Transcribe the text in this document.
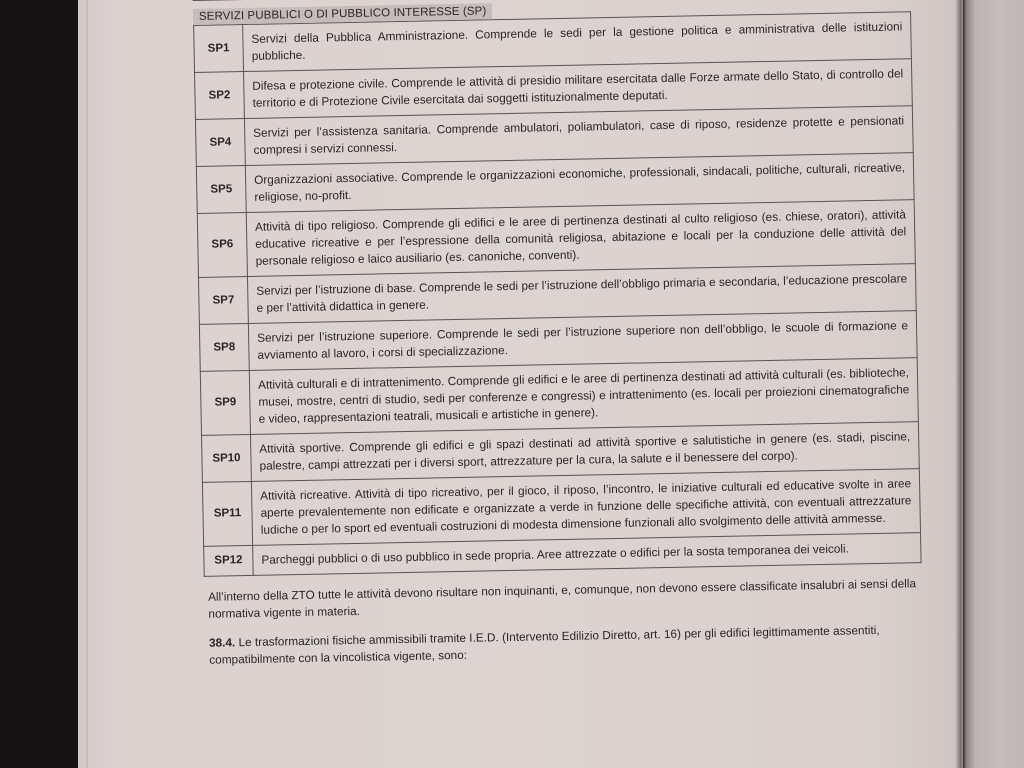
SERVIZI PUBBLICI O DI PUBBLICO INTERESSE (SP)
SP1	Servizi della Pubblica Amministrazione. Comprende le sedi per la gestione politica e amministrativa delle istituzioni pubbliche.
SP2	Difesa e protezione civile. Comprende le attività di presidio militare esercitata dalle Forze armate dello Stato, di controllo del territorio e di Protezione Civile esercitata dai soggetti istituzionalmente deputati.
SP4	Servizi per l’assistenza sanitaria. Comprende ambulatori, poliambulatori, case di riposo, residenze protette e pensionati compresi i servizi connessi.
SP5	Organizzazioni associative. Comprende le organizzazioni economiche, professionali, sindacali, politiche, culturali, ricreative, religiose, no-profit.
SP6	Attività di tipo religioso. Comprende gli edifici e le aree di pertinenza destinati al culto religioso (es. chiese, oratori), attività educative ricreative e per l’espressione della comunità religiosa, abitazione e locali per la conduzione delle attività del personale religioso e laico ausiliario (es. canoniche, conventi).
SP7	Servizi per l’istruzione di base. Comprende le sedi per l’istruzione dell’obbligo primaria e secondaria, l’educazione prescolare e per l’attività didattica in genere.
SP8	Servizi per l’istruzione superiore. Comprende le sedi per l’istruzione superiore non dell’obbligo, le scuole di formazione e avviamento al lavoro, i corsi di specializzazione.
SP9	Attività culturali e di intrattenimento. Comprende gli edifici e le aree di pertinenza destinati ad attività culturali (es. biblioteche, musei, mostre, centri di studio, sedi per conferenze e congressi) e intrattenimento (es. locali per proiezioni cinematografiche e video, rappresentazioni teatrali, musicali e artistiche in genere).
SP10	Attività sportive. Comprende gli edifici e gli spazi destinati ad attività sportive e salutistiche in genere (es. stadi, piscine, palestre, campi attrezzati per i diversi sport, attrezzature per la cura, la salute e il benessere del corpo).
SP11	Attività ricreative. Attività di tipo ricreativo, per il gioco, il riposo, l’incontro, le iniziative culturali ed educative svolte in aree aperte prevalentemente non edificate e organizzate a verde in funzione delle specifiche attività, con eventuali attrezzature ludiche o per lo sport ed eventuali costruzioni di modesta dimensione funzionali allo svolgimento delle attività ammesse.
SP12	Parcheggi pubblici o di uso pubblico in sede propria. Aree attrezzate o edifici per la sosta temporanea dei veicoli.

All’interno della ZTO tutte le attività devono risultare non inquinanti, e, comunque, non devono essere classificate insalubri ai sensi della normativa vigente in materia.

38.4. Le trasformazioni fisiche ammissibili tramite I.E.D. (Intervento Edilizio Diretto, art. 16) per gli edifici legittimamente assentiti, compatibilmente con la vincolistica vigente, sono:
